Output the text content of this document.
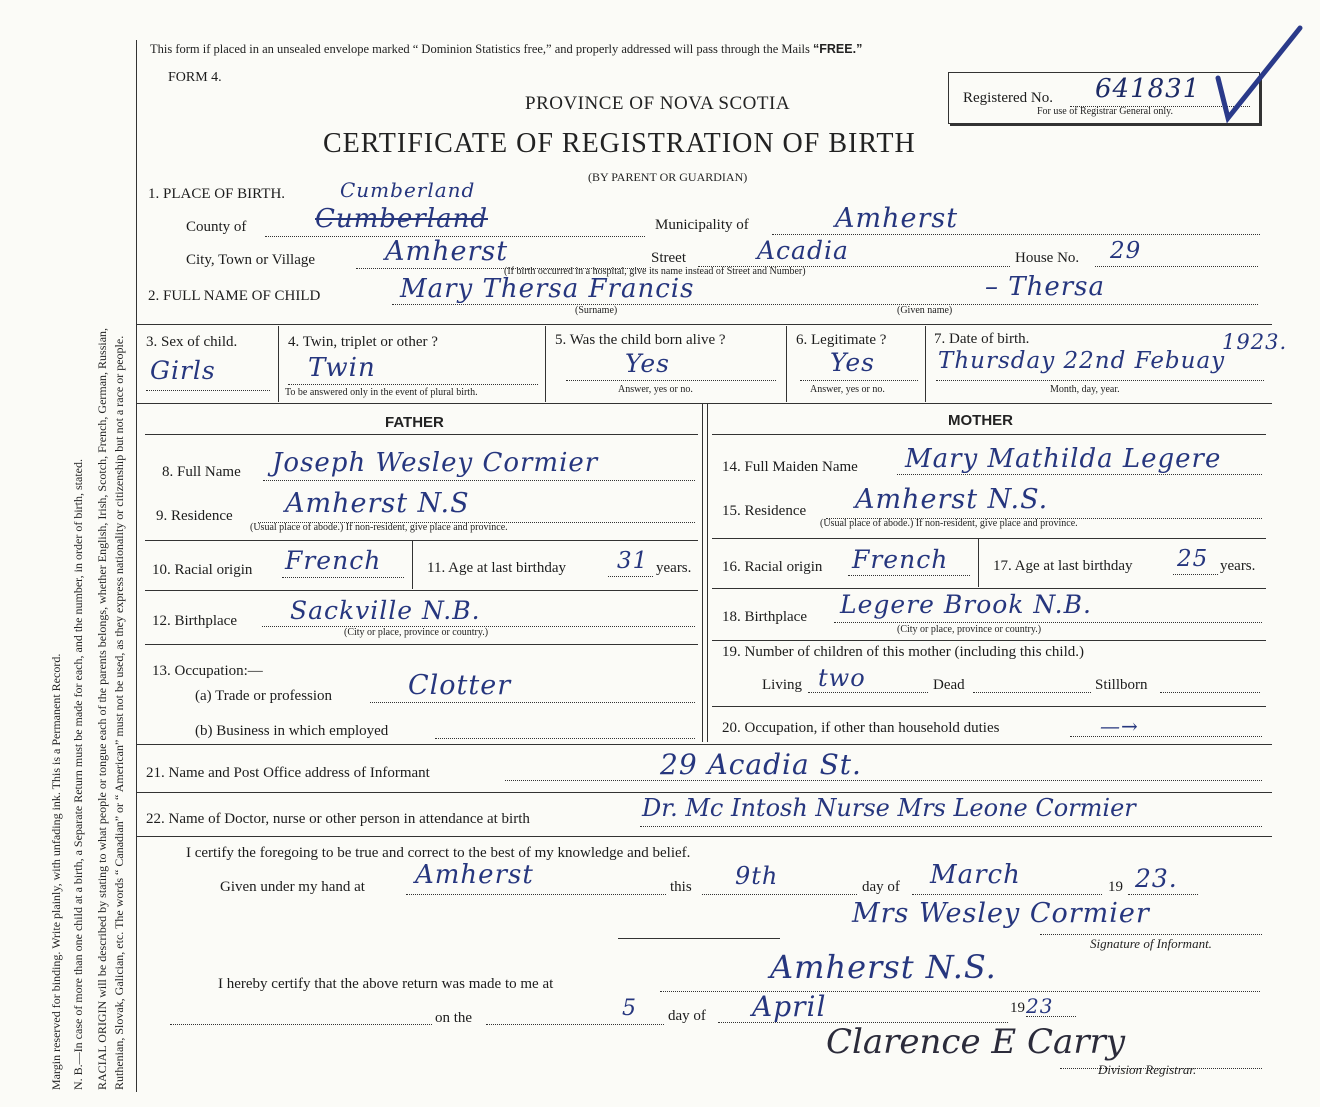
Margin reserved for binding. Write plainly, with unfading ink. This is a Permanent Record. N. B.—In case of more than one child at a birth, a Separate Return must be made for each, and the number, in order of birth, stated. RACIAL ORIGIN will be described by stating to what people or tongue each of the parents belongs, whether English, Irish, Scotch, French, German, Russian, Ruthenian, Slovak, Galician, etc. The words “ Canadian” or “ American” must not be used, as they express nationality or citizenship but not a race or people.
This form if placed in an unsealed envelope marked “ Dominion Statistics free,” and properly addressed will pass through the Mails “FREE.”
FORM 4.
PROVINCE OF NOVA SCOTIA
CERTIFICATE OF REGISTRATION OF BIRTH
(BY PARENT OR GUARDIAN)
Registered No. 641831
For use of Registrar General only.
1. PLACE OF BIRTH.	Cumberland
County of	Cumberland	Municipality of	Amherst
City, Town or Village	Amherst	Street	Acadia	House No. 29
(If birth occurred in a hospital, give its name instead of Street and Number)
2. FULL NAME OF CHILD	Mary Thersa Francis	– Thersa
(Surname)	(Given name)
3. Sex of child.
Girls
4. Twin, triplet or other ?
Twin
To be answered only in the event of plural birth.
5. Was the child born alive ?
Yes
Answer, yes or no.
6. Legitimate ?
Yes
Answer, yes or no.
7. Date of birth.	1923.
Thursday 22nd Febuay
Month, day, year.
FATHER	MOTHER
8. Full Name Joseph Wesley Cormier
9. Residence Amherst N.S
(Usual place of abode.) If non-resident, give place and province.
10. Racial origin French	11. Age at last birthday 31 years.
12. Birthplace Sackville N.B.
(City or place, province or country.)
13. Occupation:—
(a) Trade or profession	Clotter
(b) Business in which employed
14. Full Maiden Name Mary Mathilda Legere
15. Residence Amherst N.S.
(Usual place of abode.) If non-resident, give place and province.
16. Racial origin French	17. Age at last birthday 25 years.
18. Birthplace Legere Brook N.B.
(City or place, province or country.)
19. Number of children of this mother (including this child.)
Living two	Dead	Stillborn
20. Occupation, if other than household duties	—→
21. Name and Post Office address of Informant	29 Acadia St.
22. Name of Doctor, nurse or other person in attendance at birth	Dr. Mc Intosh Nurse Mrs Leone Cormier
I certify the foregoing to be true and correct to the best of my knowledge and belief.
Given under my hand at Amherst	this 9th	day of March	19 23.
Mrs Wesley Cormier
Signature of Informant.
I hereby certify that the above return was made to me at	Amherst N.S.
on the	5 day of April	19 23
Clarence E Carry
Division Registrar.
